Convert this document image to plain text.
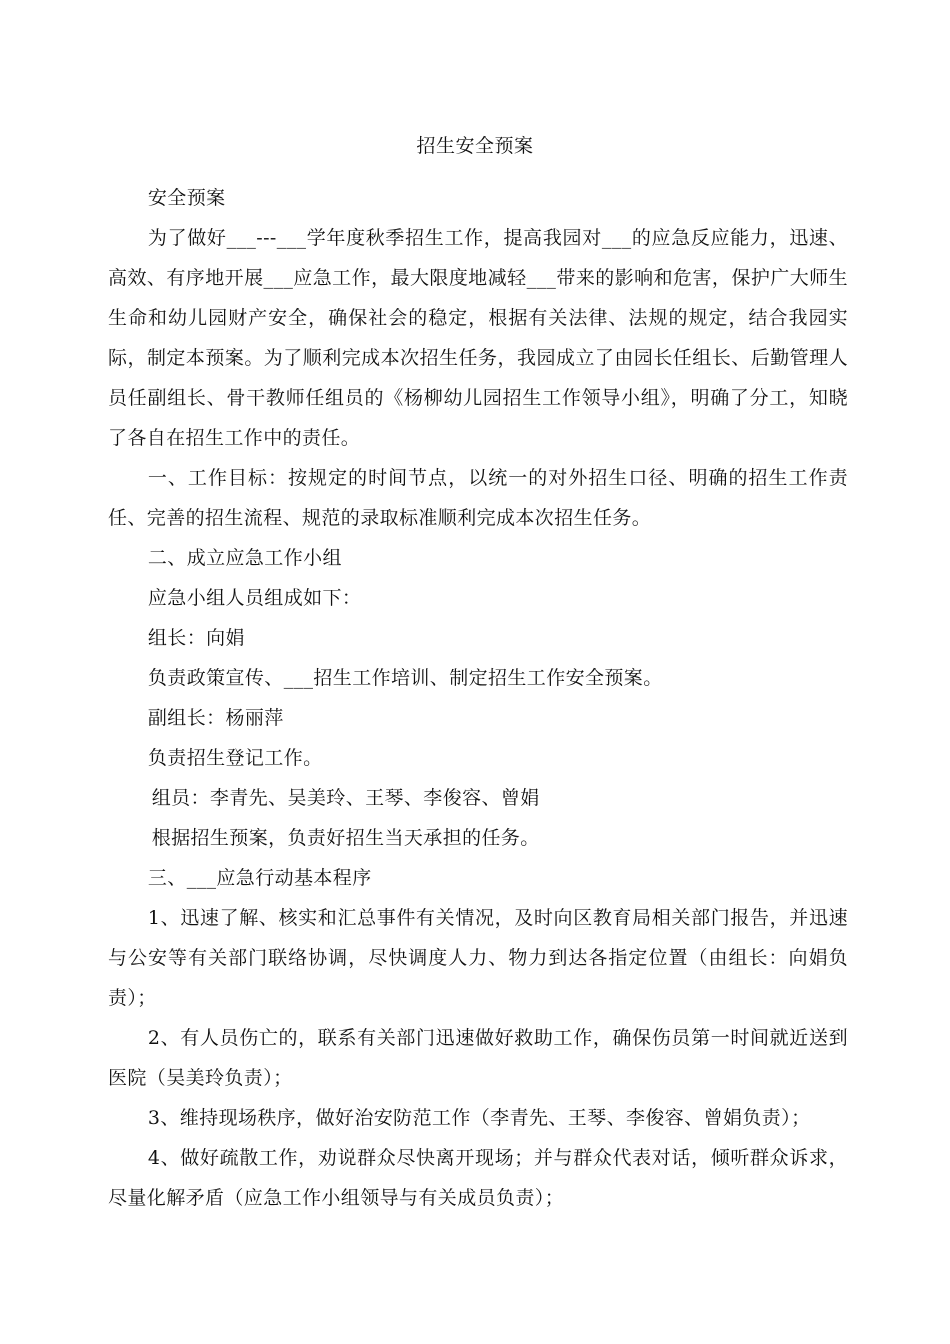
招生安全预案

安全预案

为了做好___---___学年度秋季招生工作，提高我园对___的应急反应能力，迅速、高效、有序地开展___应急工作，最大限度地减轻___带来的影响和危害，保护广大师生生命和幼儿园财产安全，确保社会的稳定，根据有关法律、法规的规定，结合我园实际，制定本预案。为了顺利完成本次招生任务，我园成立了由园长任组长、后勤管理人员任副组长、骨干教师任组员的《杨柳幼儿园招生工作领导小组》，明确了分工，知晓了各自在招生工作中的责任。

一、工作目标：按规定的时间节点，以统一的对外招生口径、明确的招生工作责任、完善的招生流程、规范的录取标准顺利完成本次招生任务。

二、成立应急工作小组

应急小组人员组成如下：

组长：向娟

负责政策宣传、___招生工作培训、制定招生工作安全预案。

副组长：杨丽萍

负责招生登记工作。

组员：李青先、吴美玲、王琴、李俊容、曾娟

根据招生预案，负责好招生当天承担的任务。

三、___应急行动基本程序

1、迅速了解、核实和汇总事件有关情况，及时向区教育局相关部门报告，并迅速与公安等有关部门联络协调，尽快调度人力、物力到达各指定位置（由组长：向娟负责）；

2、有人员伤亡的，联系有关部门迅速做好救助工作，确保伤员第一时间就近送到医院（吴美玲负责）；

3、维持现场秩序，做好治安防范工作（李青先、王琴、李俊容、曾娟负责）；

4、做好疏散工作，劝说群众尽快离开现场；并与群众代表对话，倾听群众诉求，尽量化解矛盾（应急工作小组领导与有关成员负责）；
